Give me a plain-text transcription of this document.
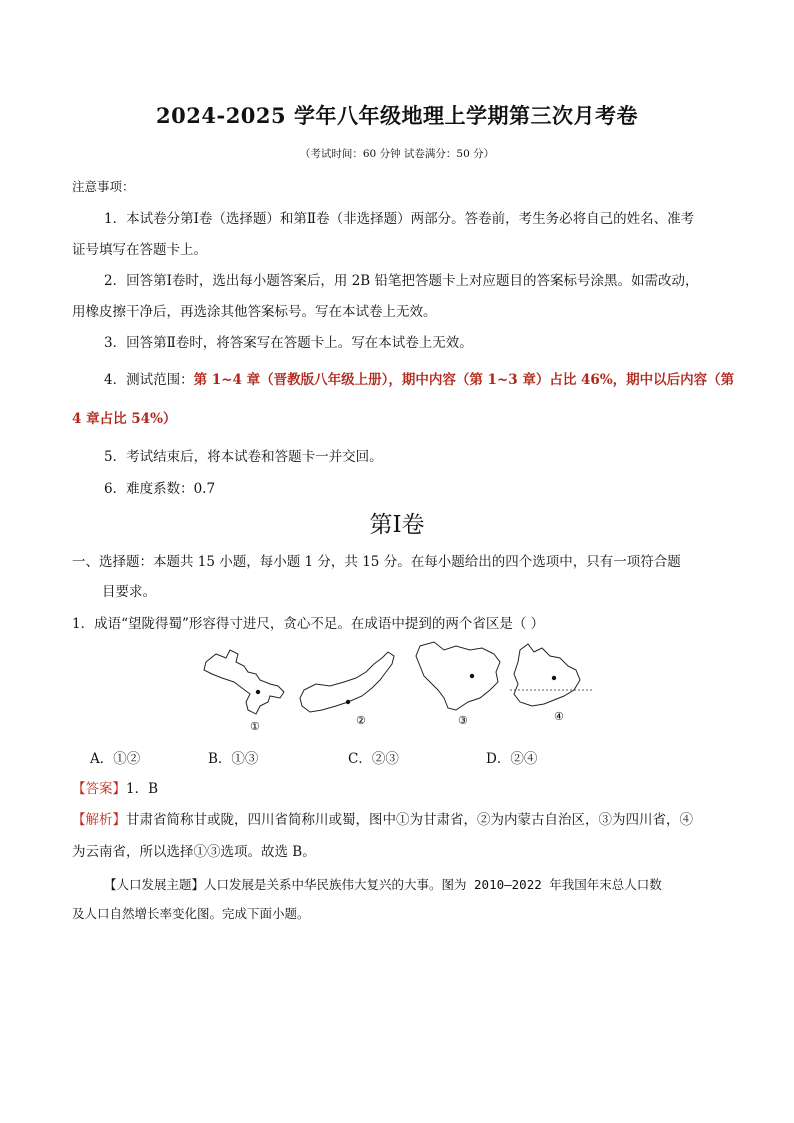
2024-2025 学年八年级地理上学期第三次月考卷
（考试时间：60 分钟 试卷满分：50 分）
注意事项：
1．本试卷分第Ⅰ卷（选择题）和第Ⅱ卷（非选择题）两部分。答卷前，考生务必将自己的姓名、准考
证号填写在答题卡上。
2．回答第Ⅰ卷时，选出每小题答案后，用 2B 铅笔把答题卡上对应题目的答案标号涂黑。如需改动，
用橡皮擦干净后，再选涂其他答案标号。写在本试卷上无效。
3．回答第Ⅱ卷时，将答案写在答题卡上。写在本试卷上无效。
4．测试范围：第 1~4 章（晋教版八年级上册），期中内容（第 1~3 章）占比 46%，期中以后内容（第
4 章占比 54%）
5．考试结束后，将本试卷和答题卡一并交回。
6．难度系数：0.7
第Ⅰ卷
一、选择题：本题共 15 小题，每小题 1 分，共 15 分。在每小题给出的四个选项中，只有一项符合题
目要求。
1．成语“望陇得蜀”形容得寸进尺，贪心不足。在成语中提到的两个省区是（ ）
①	②	③	④
A．①②	B．①③	C．②③	D．②④
【答案】1．B
【解析】甘肃省简称甘或陇，四川省简称川或蜀，图中①为甘肃省，②为内蒙古自治区，③为四川省，④
为云南省，所以选择①③选项。故选 B。
【人口发展主题】人口发展是关系中华民族伟大复兴的大事。图为 2010—2022 年我国年末总人口数
及人口自然增长率变化图。完成下面小题。
